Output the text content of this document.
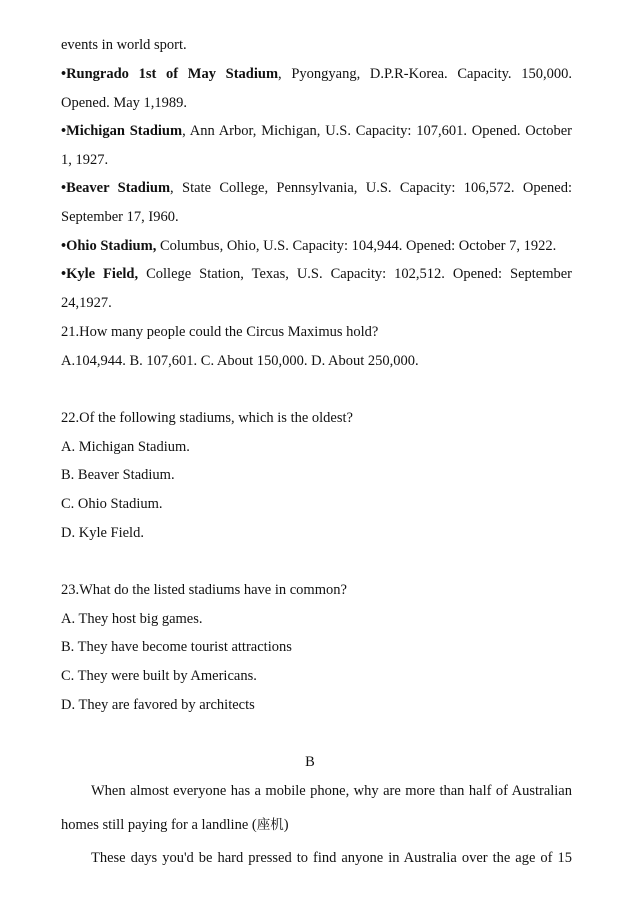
events in world sport.
•Rungrado 1st of May Stadium, Pyongyang, D.P.R-Korea. Capacity. 150,000.
Opened. May 1,1989.
•Michigan Stadium, Ann Arbor, Michigan, U.S. Capacity: 107,601. Opened. October
1, 1927.
•Beaver Stadium, State College, Pennsylvania, U.S. Capacity: 106,572. Opened:
September 17, I960.
•Ohio Stadium, Columbus, Ohio, U.S. Capacity: 104,944. Opened: October 7, 1922.
•Kyle Field, College Station, Texas, U.S. Capacity: 102,512. Opened: September
24,1927.
21.How many people could the Circus Maximus hold?
A.104,944. B. 107,601. C. About 150,000. D. About 250,000.
22.Of the following stadiums, which is the oldest?
A. Michigan Stadium.
B. Beaver Stadium.
C. Ohio Stadium.
D. Kyle Field.
23.What do the listed stadiums have in common?
A. They host big games.
B. They have become tourist attractions
C. They were built by Americans.
D. They are favored by architects
B
When almost everyone has a mobile phone, why are more than half of Australian
homes still paying for a landline (座机)
These days you'd be hard pressed to find anyone in Australia over the age of 15
